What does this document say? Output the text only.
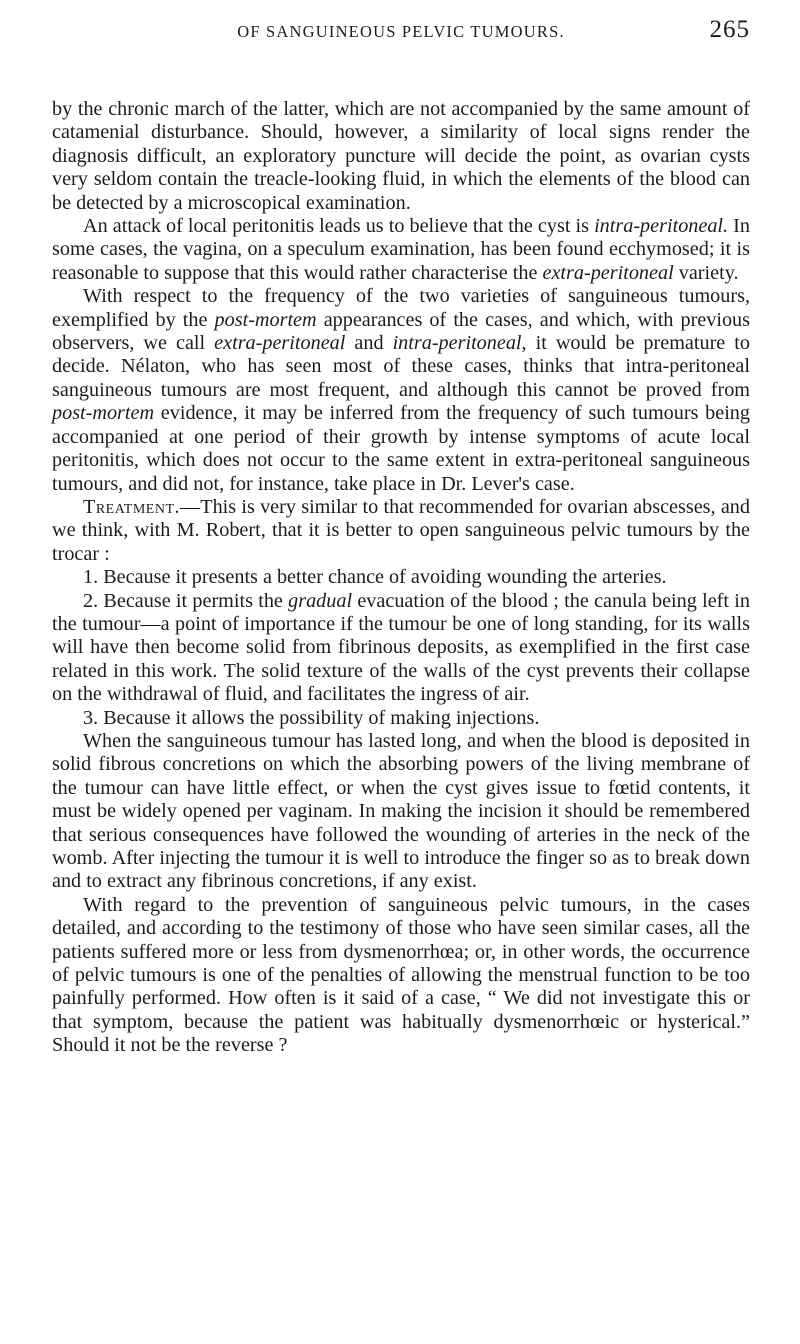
OF SANGUINEOUS PELVIC TUMOURS.	265

by the chronic march of the latter, which are not accompanied by the same amount of catamenial disturbance. Should, however, a similarity of local signs render the diagnosis difficult, an exploratory puncture will decide the point, as ovarian cysts very seldom contain the treacle-looking fluid, in which the elements of the blood can be detected by a microscopical examination.

An attack of local peritonitis leads us to believe that the cyst is intra-peritoneal. In some cases, the vagina, on a speculum examination, has been found ecchymosed; it is reasonable to suppose that this would rather characterise the extra-peritoneal variety.

With respect to the frequency of the two varieties of sanguineous tumours, exemplified by the post-mortem appearances of the cases, and which, with previous observers, we call extra-peritoneal and intra-peritoneal, it would be premature to decide. Nélaton, who has seen most of these cases, thinks that intra-peritoneal sanguineous tumours are most frequent, and although this cannot be proved from post-mortem evidence, it may be inferred from the frequency of such tumours being accompanied at one period of their growth by intense symptoms of acute local peritonitis, which does not occur to the same extent in extra-peritoneal sanguineous tumours, and did not, for instance, take place in Dr. Lever's case.

Treatment.—This is very similar to that recommended for ovarian abscesses, and we think, with M. Robert, that it is better to open sanguineous pelvic tumours by the trocar :

1. Because it presents a better chance of avoiding wounding the arteries.

2. Because it permits the gradual evacuation of the blood ; the canula being left in the tumour—a point of importance if the tumour be one of long standing, for its walls will have then become solid from fibrinous deposits, as exemplified in the first case related in this work. The solid texture of the walls of the cyst prevents their collapse on the withdrawal of fluid, and facilitates the ingress of air.

3. Because it allows the possibility of making injections.

When the sanguineous tumour has lasted long, and when the blood is deposited in solid fibrous concretions on which the absorbing powers of the living membrane of the tumour can have little effect, or when the cyst gives issue to fœtid contents, it must be widely opened per vaginam. In making the incision it should be remembered that serious consequences have followed the wounding of arteries in the neck of the womb. After injecting the tumour it is well to introduce the finger so as to break down and to extract any fibrinous concretions, if any exist.

With regard to the prevention of sanguineous pelvic tumours, in the cases detailed, and according to the testimony of those who have seen similar cases, all the patients suffered more or less from dysmenorrhœa; or, in other words, the occurrence of pelvic tumours is one of the penalties of allowing the menstrual function to be too painfully performed. How often is it said of a case, “ We did not investigate this or that symptom, because the patient was habitually dysmenorrhœic or hysterical.” Should it not be the reverse ?
